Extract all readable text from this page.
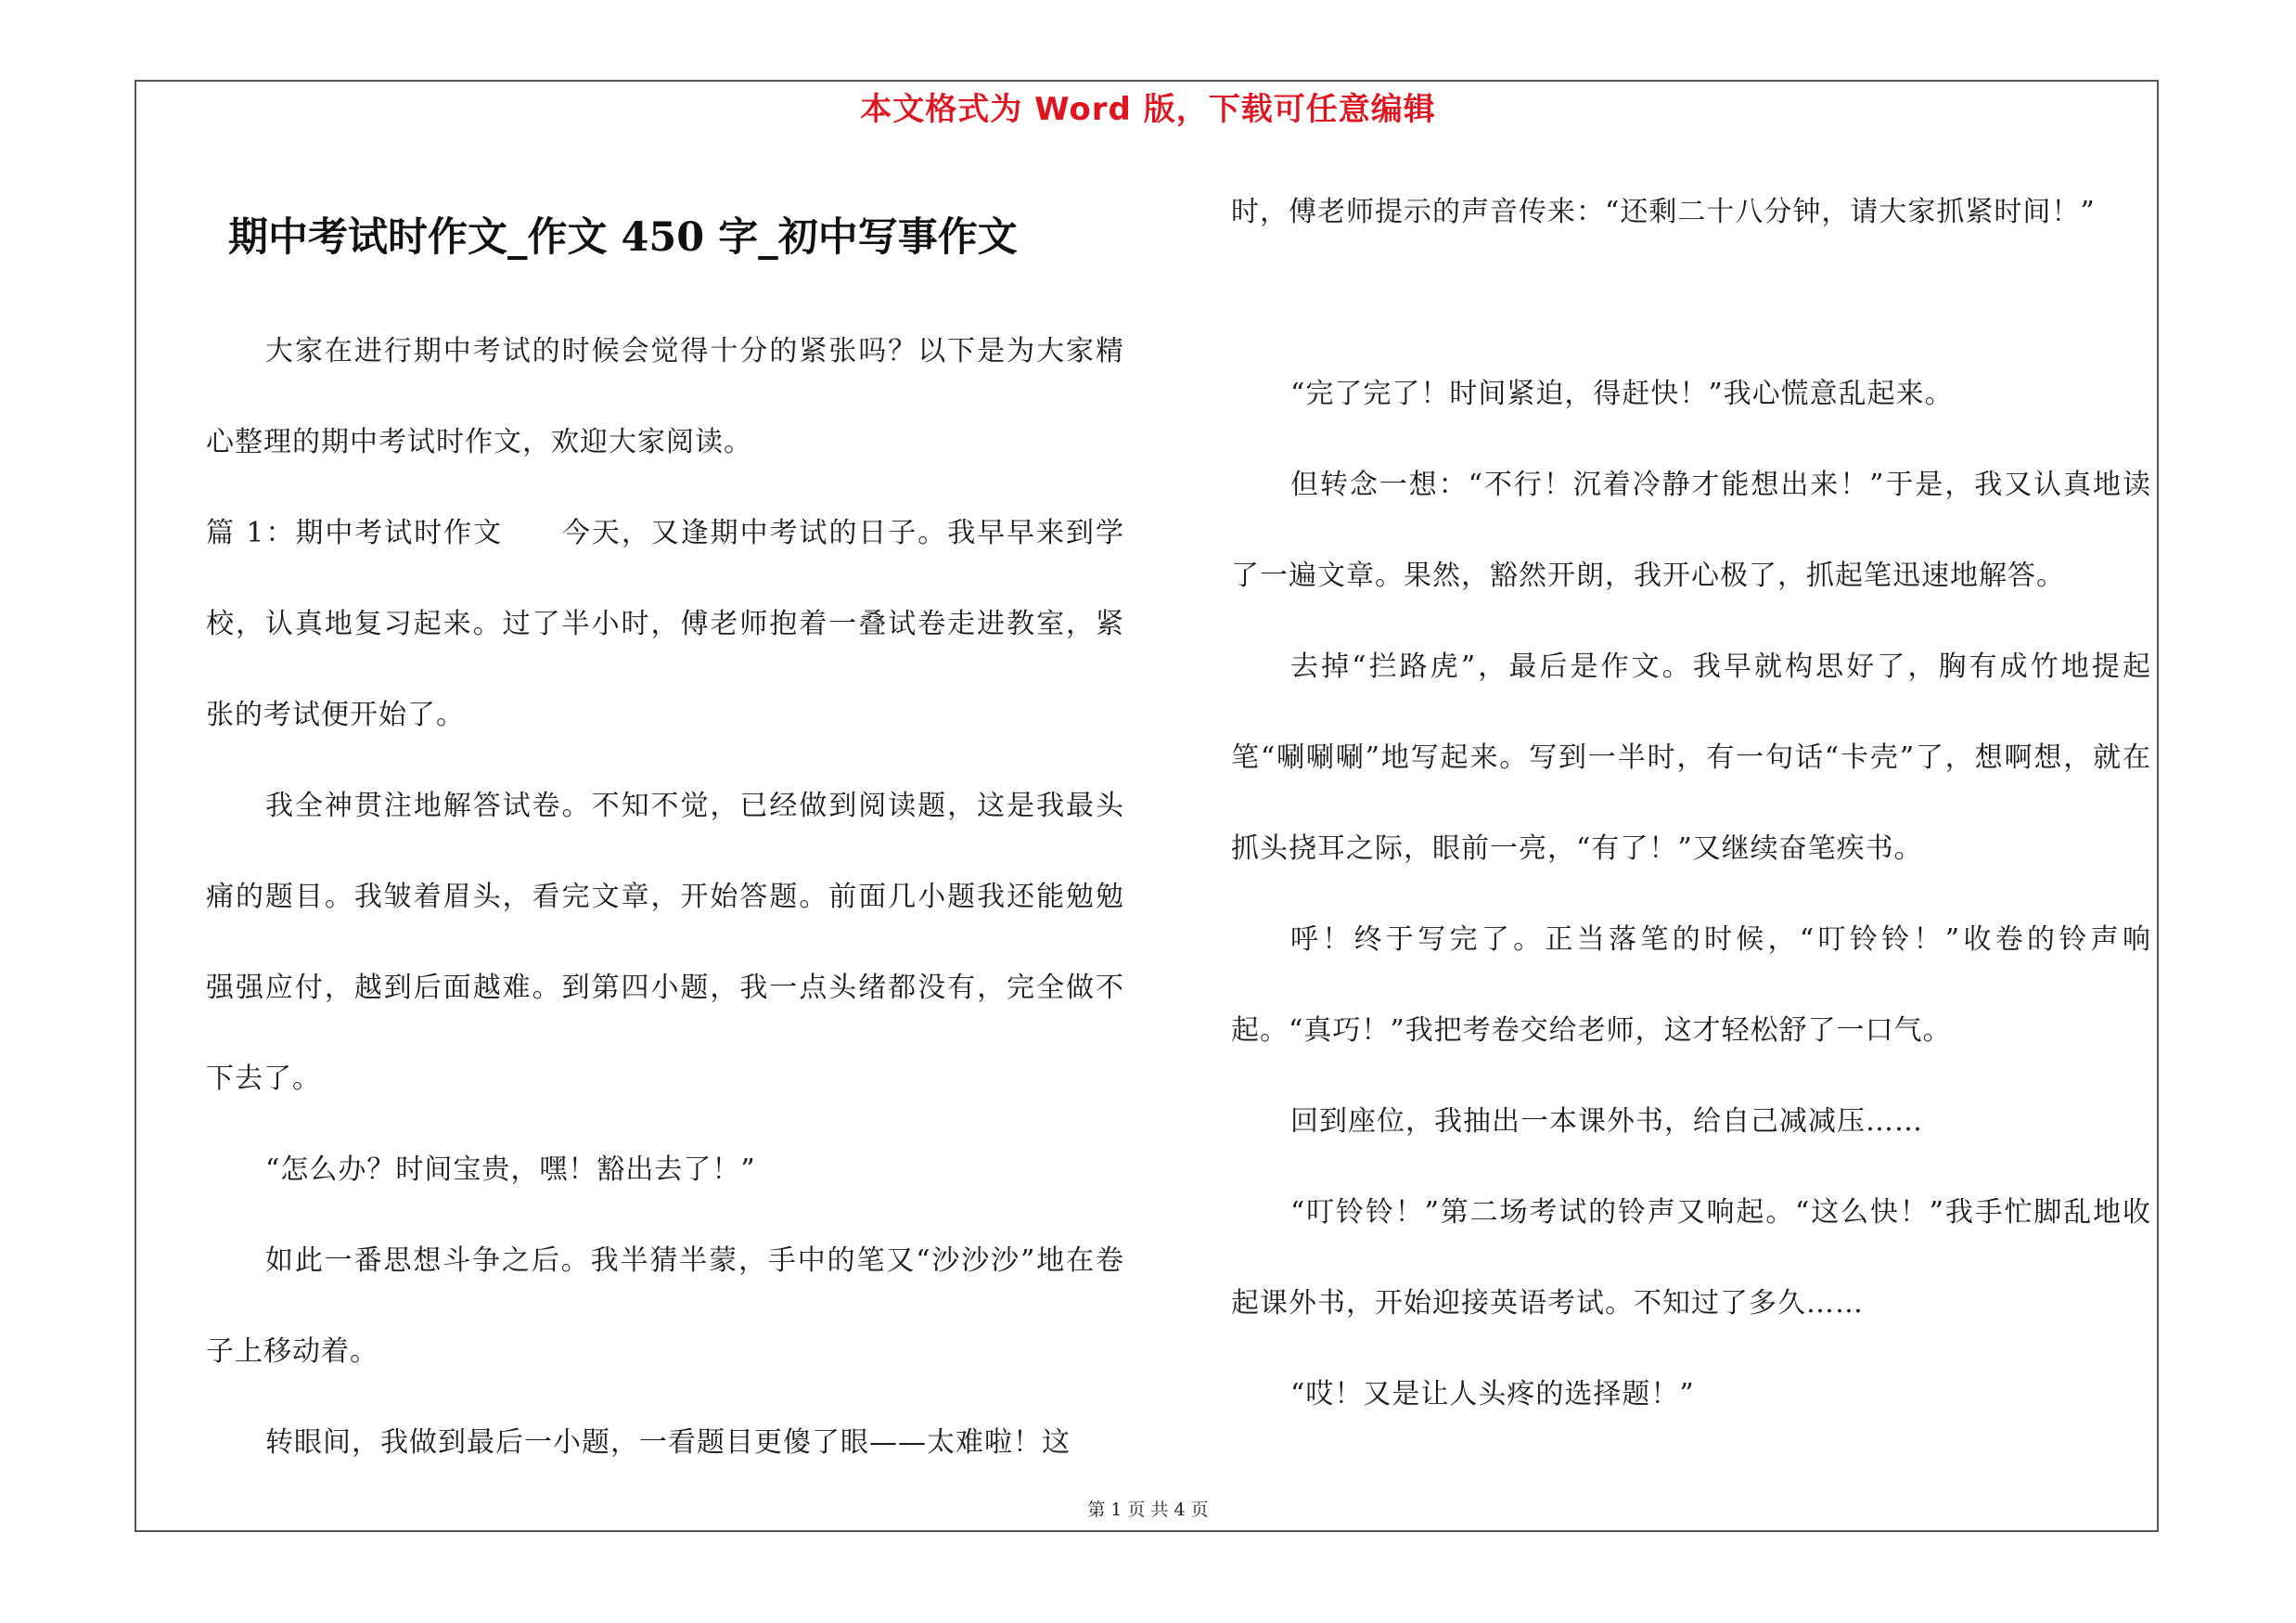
本文格式为 Word 版，下载可任意编辑
期中考试时作文_作文 450 字_初中写事作文

大家在进行期中考试的时候会觉得十分的紧张吗？以下是为大家精心整理的期中考试时作文，欢迎大家阅读。

篇 1：期中考试时作文　　今天，又逢期中考试的日子。我早早来到学校，认真地复习起来。过了半小时，傅老师抱着一叠试卷走进教室，紧张的考试便开始了。

我全神贯注地解答试卷。不知不觉，已经做到阅读题，这是我最头痛的题目。我皱着眉头，看完文章，开始答题。前面几小题我还能勉勉强强应付，越到后面越难。到第四小题，我一点头绪都没有，完全做不下去了。

“怎么办？时间宝贵，嘿！豁出去了！”

如此一番思想斗争之后。我半猜半蒙，手中的笔又“沙沙沙”地在卷子上移动着。

转眼间，我做到最后一小题，一看题目更傻了眼——太难啦！这

时，傅老师提示的声音传来：“还剩二十八分钟，请大家抓紧时间！”

“完了完了！时间紧迫，得赶快！”我心慌意乱起来。

但转念一想：“不行！沉着冷静才能想出来！”于是，我又认真地读了一遍文章。果然，豁然开朗，我开心极了，抓起笔迅速地解答。

去掉“拦路虎”，最后是作文。我早就构思好了，胸有成竹地提起笔“唰唰唰”地写起来。写到一半时，有一句话“卡壳”了，想啊想，就在抓头挠耳之际，眼前一亮，“有了！”又继续奋笔疾书。

呼！终于写完了。正当落笔的时候，“叮铃铃！”收卷的铃声响起。“真巧！”我把考卷交给老师，这才轻松舒了一口气。

回到座位，我抽出一本课外书，给自己减减压……

“叮铃铃！”第二场考试的铃声又响起。“这么快！”我手忙脚乱地收起课外书，开始迎接英语考试。不知过了多久……

“哎！又是让人头疼的选择题！”

第 1 页 共 4 页
